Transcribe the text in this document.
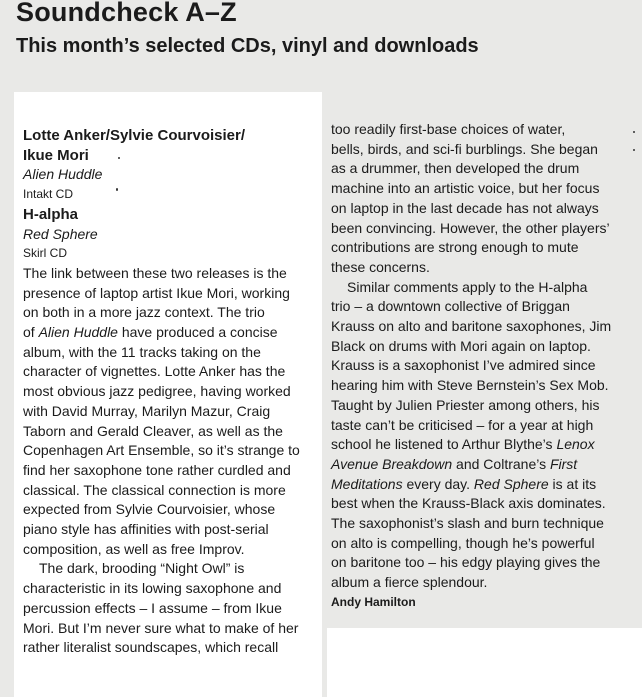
Soundcheck A–Z
This month’s selected CDs, vinyl and downloads
Lotte Anker/Sylvie Courvoisier/
Ikue Mori
Alien Huddle
Intakt CD
H-alpha
Red Sphere
Skirl CD
The link between these two releases is the
presence of laptop artist Ikue Mori, working
on both in a more jazz context. The trio
of Alien Huddle have produced a concise
album, with the 11 tracks taking on the
character of vignettes. Lotte Anker has the
most obvious jazz pedigree, having worked
with David Murray, Marilyn Mazur, Craig
Taborn and Gerald Cleaver, as well as the
Copenhagen Art Ensemble, so it’s strange to
find her saxophone tone rather curdled and
classical. The classical connection is more
expected from Sylvie Courvoisier, whose
piano style has affinities with post-serial
composition, as well as free Improv.
The dark, brooding “Night Owl” is
characteristic in its lowing saxophone and
percussion effects – I assume – from Ikue
Mori. But I’m never sure what to make of her
rather literalist soundscapes, which recall
too readily first-base choices of water,
bells, birds, and sci-fi burblings. She began
as a drummer, then developed the drum
machine into an artistic voice, but her focus
on laptop in the last decade has not always
been convincing. However, the other players’
contributions are strong enough to mute
these concerns.
Similar comments apply to the H-alpha
trio – a downtown collective of Briggan
Krauss on alto and baritone saxophones, Jim
Black on drums with Mori again on laptop.
Krauss is a saxophonist I’ve admired since
hearing him with Steve Bernstein’s Sex Mob.
Taught by Julien Priester among others, his
taste can’t be criticised – for a year at high
school he listened to Arthur Blythe’s Lenox
Avenue Breakdown and Coltrane’s First
Meditations every day. Red Sphere is at its
best when the Krauss-Black axis dominates.
The saxophonist’s slash and burn technique
on alto is compelling, though he’s powerful
on baritone too – his edgy playing gives the
album a fierce splendour.
Andy Hamilton
